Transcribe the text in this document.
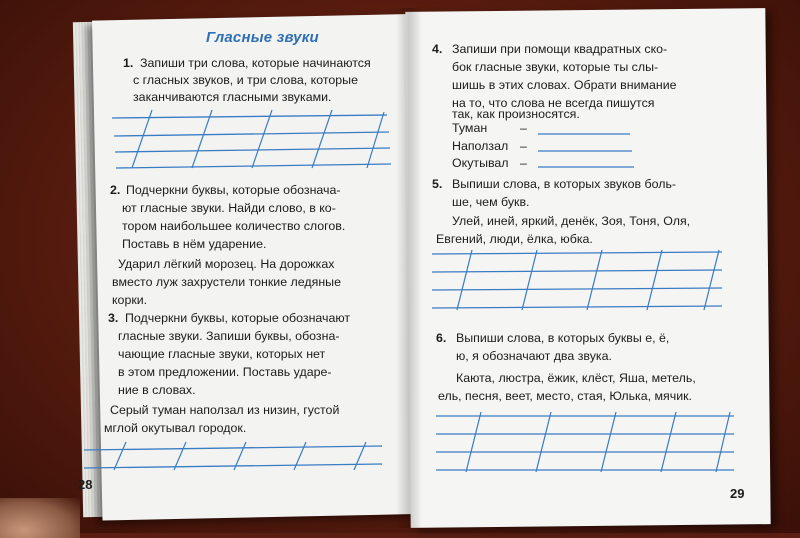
Гласные звуки
1. Запиши три слова, которые начинаются
с гласных звуков, и три слова, которые
заканчиваются гласными звуками.
2. Подчеркни буквы, которые обознача-
ют гласные звуки. Найди слово, в ко-
тором наибольшее количество слогов.
Поставь в нём ударение.
Ударил лёгкий морозец. На дорожках
вместо луж захрустели тонкие ледяные
корки.
3. Подчеркни буквы, которые обозначают
гласные звуки. Запиши буквы, обозна-
чающие гласные звуки, которых нет
в этом предложении. Поставь ударе-
ние в словах.
Серый туман наползал из низин, густой
мглой окутывал городок.
28
4. Запиши при помощи квадратных ско-
бок гласные звуки, которые ты слы-
шишь в этих словах. Обрати внимание
на то, что слова не всегда пишутся
так, как произносятся.
Туман
Наползал
Окутывал
–
–
–
5. Выпиши слова, в которых звуков боль-
ше, чем букв.
Улей, иней, яркий, денёк, Зоя, Тоня, Оля,
Евгений, люди, ёлка, юбка.
6. Выпиши слова, в которых буквы е, ё,
ю, я обозначают два звука.
Каюта, люстра, ёжик, клёст, Яша, метель,
ель, песня, веет, место, стая, Юлька, мячик.
29
